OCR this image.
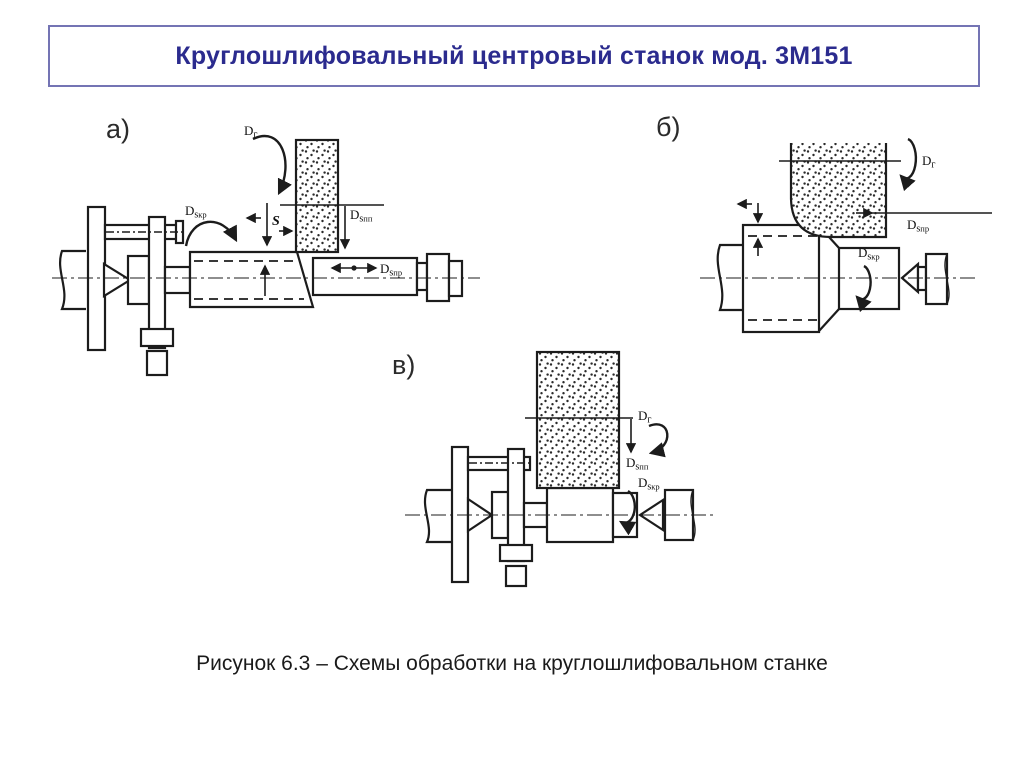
Круглошлифовальный центровый станок мод. 3М151
а)	б)
в)
Dг
Dsкр	S	Dsпп
Dsпр
Dг
Dsпр
Dsкр
Dг
Dsпп
Dsкр
Рисунок 6.3 – Схемы обработки на круглошлифовальном станке
